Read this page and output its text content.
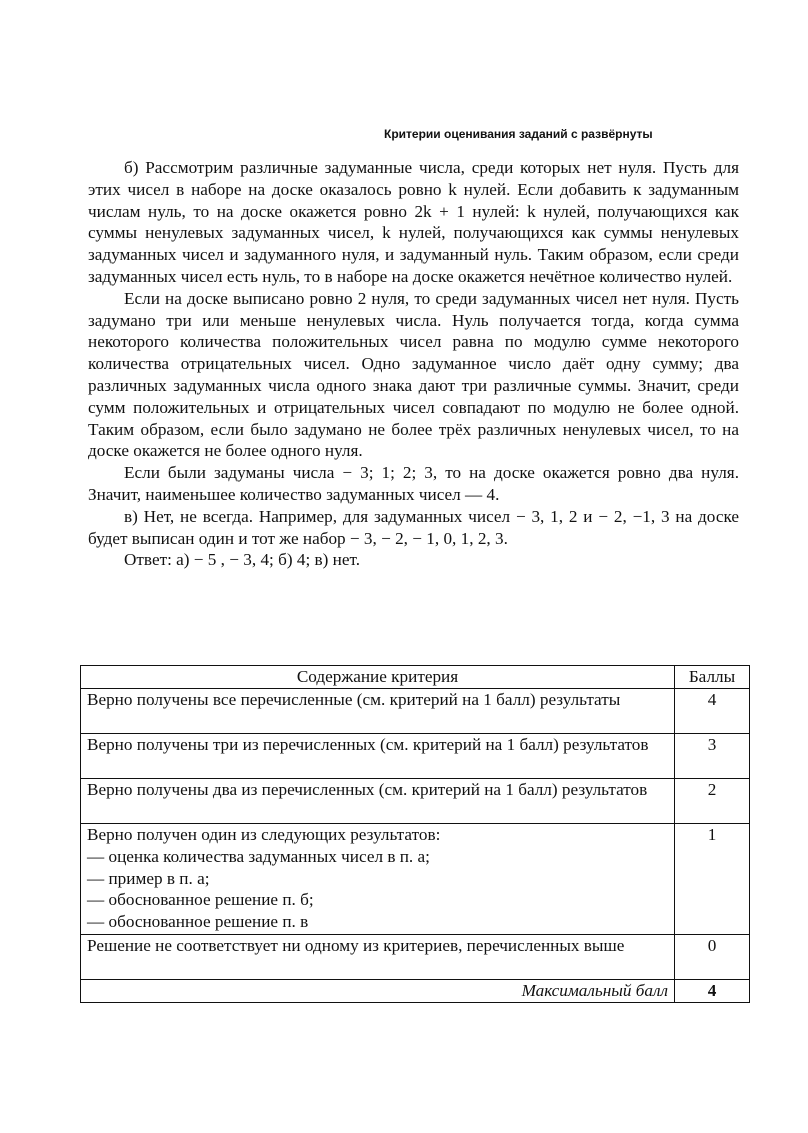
Критерии оценивания заданий с развёрнуты

б) Рассмотрим различные задуманные числа, среди которых нет нуля. Пусть для этих чисел в наборе на доске оказалось ровно k нулей. Если добавить к задуманным числам нуль, то на доске окажется ровно 2k + 1 нулей: k нулей, получающихся как суммы ненулевых задуманных чисел, k нулей, получающихся как суммы ненулевых задуманных чисел и задуманного нуля, и задуманный нуль. Таким образом, если среди задуманных чисел есть нуль, то в наборе на доске окажется нечётное количество нулей.

Если на доске выписано ровно 2 нуля, то среди задуманных чисел нет нуля. Пусть задумано три или меньше ненулевых числа. Нуль получается тогда, когда сумма некоторого количества положительных чисел равна по модулю сумме некоторого количества отрицательных чисел. Одно задуманное число даёт одну сумму; два различных задуманных числа одного знака дают три различные суммы. Значит, среди сумм положительных и отрицательных чисел совпадают по модулю не более одной. Таким образом, если было задумано не более трёх различных ненулевых чисел, то на доске окажется не более одного нуля.

Если были задуманы числа − 3; 1; 2; 3, то на доске окажется ровно два нуля. Значит, наименьшее количество задуманных чисел — 4.

в) Нет, не всегда. Например, для задуманных чисел − 3, 1, 2 и − 2, −1, 3 на доске будет выписан один и тот же набор − 3, − 2, − 1, 0, 1, 2, 3.

Ответ: а) − 5 , − 3, 4; б) 4; в) нет.

Содержание критерия	Баллы
Верно получены все перечисленные (см. критерий на 1 балл) результаты	4
Верно получены три из перечисленных (см. критерий на 1 балл) результатов	3
Верно получены два из перечисленных (см. критерий на 1 балл) результатов	2

Верно получен один из следующих результатов:
— оценка количества задуманных чисел в п. а;
— пример в п. а;
— обоснованное решение п. б;
— обоснованное решение п. в	1
Решение не соответствует ни одному из критериев, перечисленных выше	0
Максимальный балл	4
